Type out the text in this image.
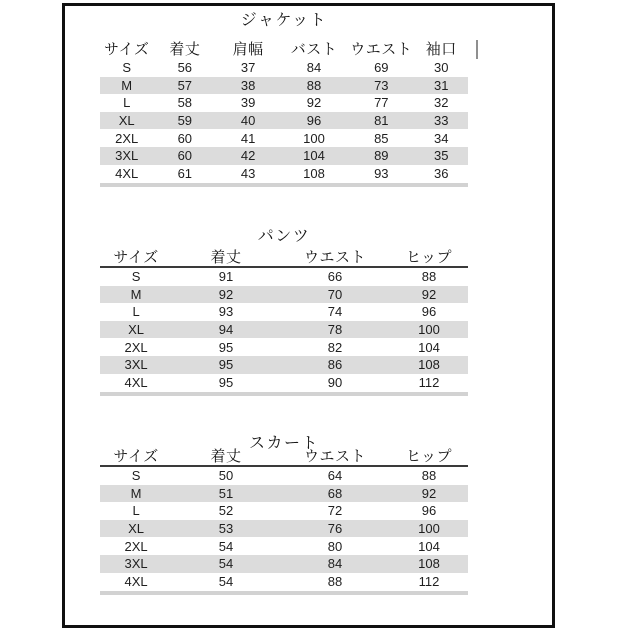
ジャケット
サイズ	着丈	肩幅	バスト ウエスト 袖口
S	56	37	84	69	30
M	57	38	88	73	31
L	58	39	92	77	32
XL	59	40	96	81	33
2XL	60	41	100	85	34
3XL	60	42	104	89	35
4XL	61	43	108	93	36
パンツ
サイズ	着丈	ウエスト	ヒップ
S	91	66	88
M	92	70	92
L	93	74	96
XL	94	78	100
2XL	95	82	104
3XL	95	86	108
4XL	95	90	112
スカート
サイズ	着丈	ウエスト	ヒップ
S	50	64	88
M	51	68	92
L	52	72	96
XL	53	76	100
2XL	54	80	104
3XL	54	84	108
4XL	54	88	112
